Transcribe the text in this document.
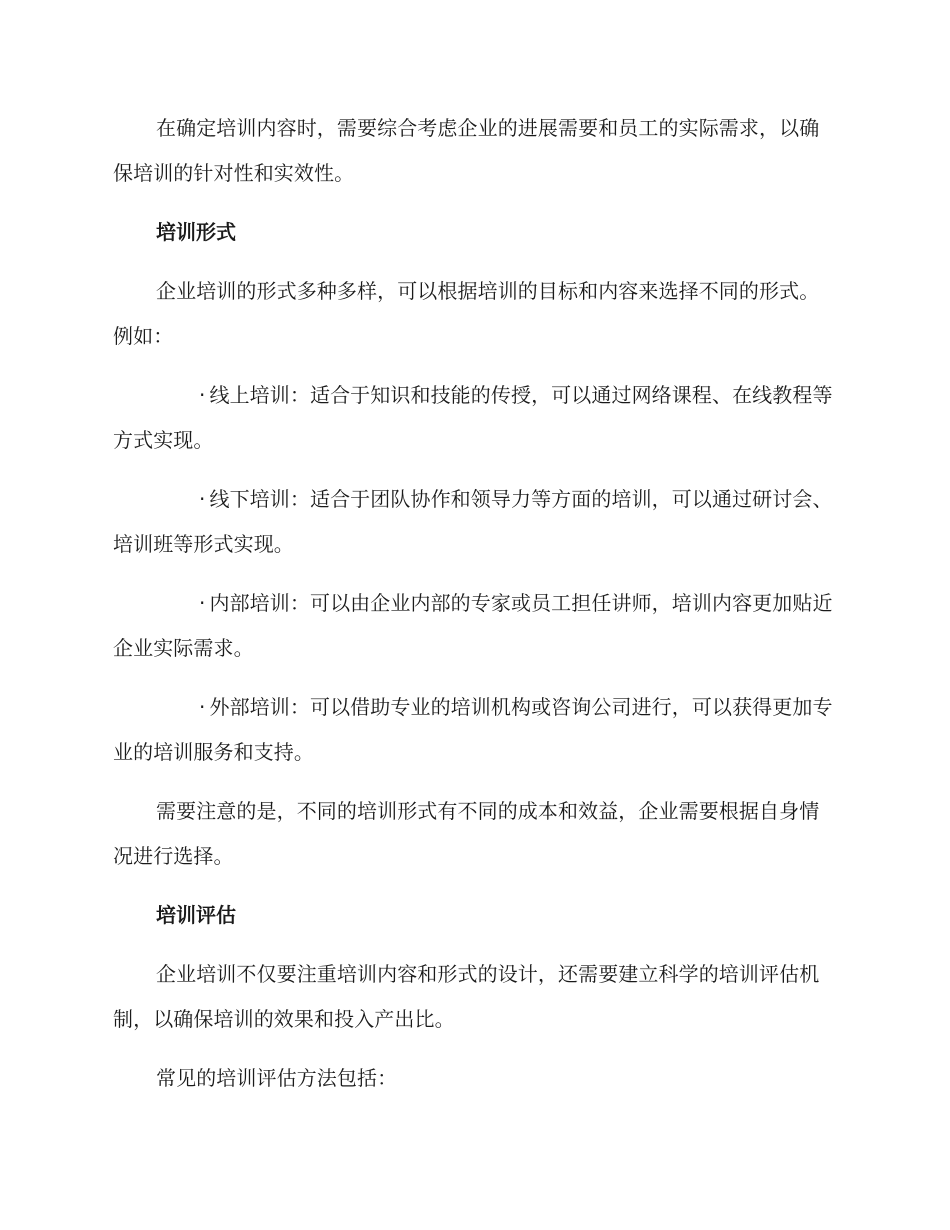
在确定培训内容时，需要综合考虑企业的进展需要和员工的实际需求，以确保培训的针对性和实效性。

培训形式

企业培训的形式多种多样，可以根据培训的目标和内容来选择不同的形式。例如：

· 线上培训：适合于知识和技能的传授，可以通过网络课程、在线教程等方式实现。

· 线下培训：适合于团队协作和领导力等方面的培训，可以通过研讨会、培训班等形式实现。

· 内部培训：可以由企业内部的专家或员工担任讲师，培训内容更加贴近企业实际需求。

· 外部培训：可以借助专业的培训机构或咨询公司进行，可以获得更加专业的培训服务和支持。

需要注意的是，不同的培训形式有不同的成本和效益，企业需要根据自身情况进行选择。

培训评估

企业培训不仅要注重培训内容和形式的设计，还需要建立科学的培训评估机制，以确保培训的效果和投入产出比。

常见的培训评估方法包括：
